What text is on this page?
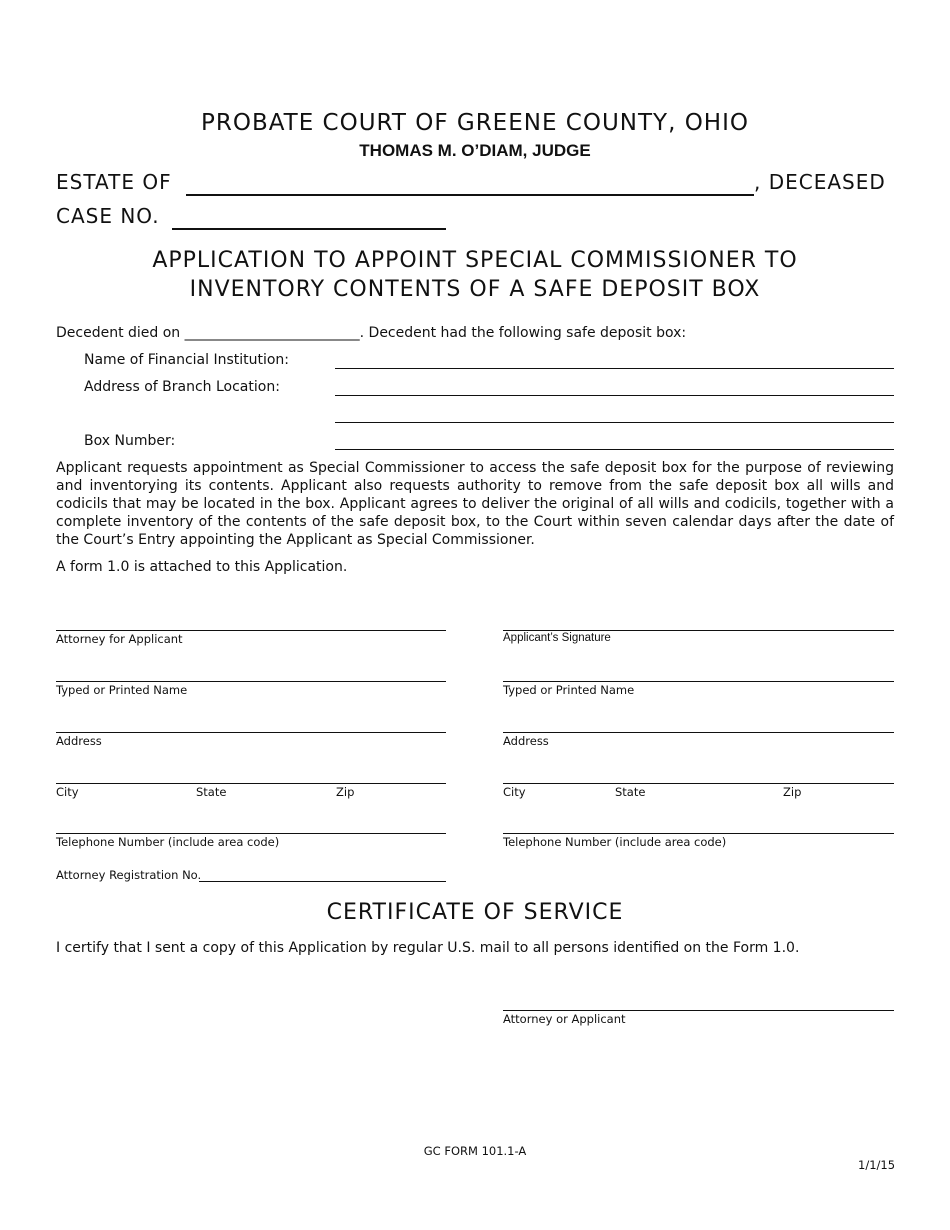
PROBATE COURT OF GREENE COUNTY, OHIO
THOMAS M. O’DIAM, JUDGE
ESTATE OF	, DECEASED
CASE NO.
APPLICATION TO APPOINT SPECIAL COMMISSIONER TO
INVENTORY CONTENTS OF A SAFE DEPOSIT BOX
Decedent died on _________________________. Decedent had the following safe deposit box:
Name of Financial Institution:
Address of Branch Location:
Box Number:
Applicant requests appointment as Special Commissioner to access the safe deposit box for the purpose of reviewing and inventorying its contents. Applicant also requests authority to remove from the safe deposit box all wills and codicils that may be located in the box. Applicant agrees to deliver the original of all wills and codicils, together with a complete inventory of the contents of the safe deposit box, to the Court within seven calendar days after the date of the Court’s Entry appointing the Applicant as Special Commissioner.
A form 1.0 is attached to this Application.
Attorney for Applicant
Typed or Printed Name
Address
City	State	Zip
Telephone Number (include area code)
Attorney Registration No.
Applicant’s Signature
Typed or Printed Name
Address
City	State	Zip
Telephone Number (include area code)
CERTIFICATE OF SERVICE
I certify that I sent a copy of this Application by regular U.S. mail to all persons identified on the Form 1.0.
Attorney or Applicant
GC FORM 101.1-A
1/1/15
